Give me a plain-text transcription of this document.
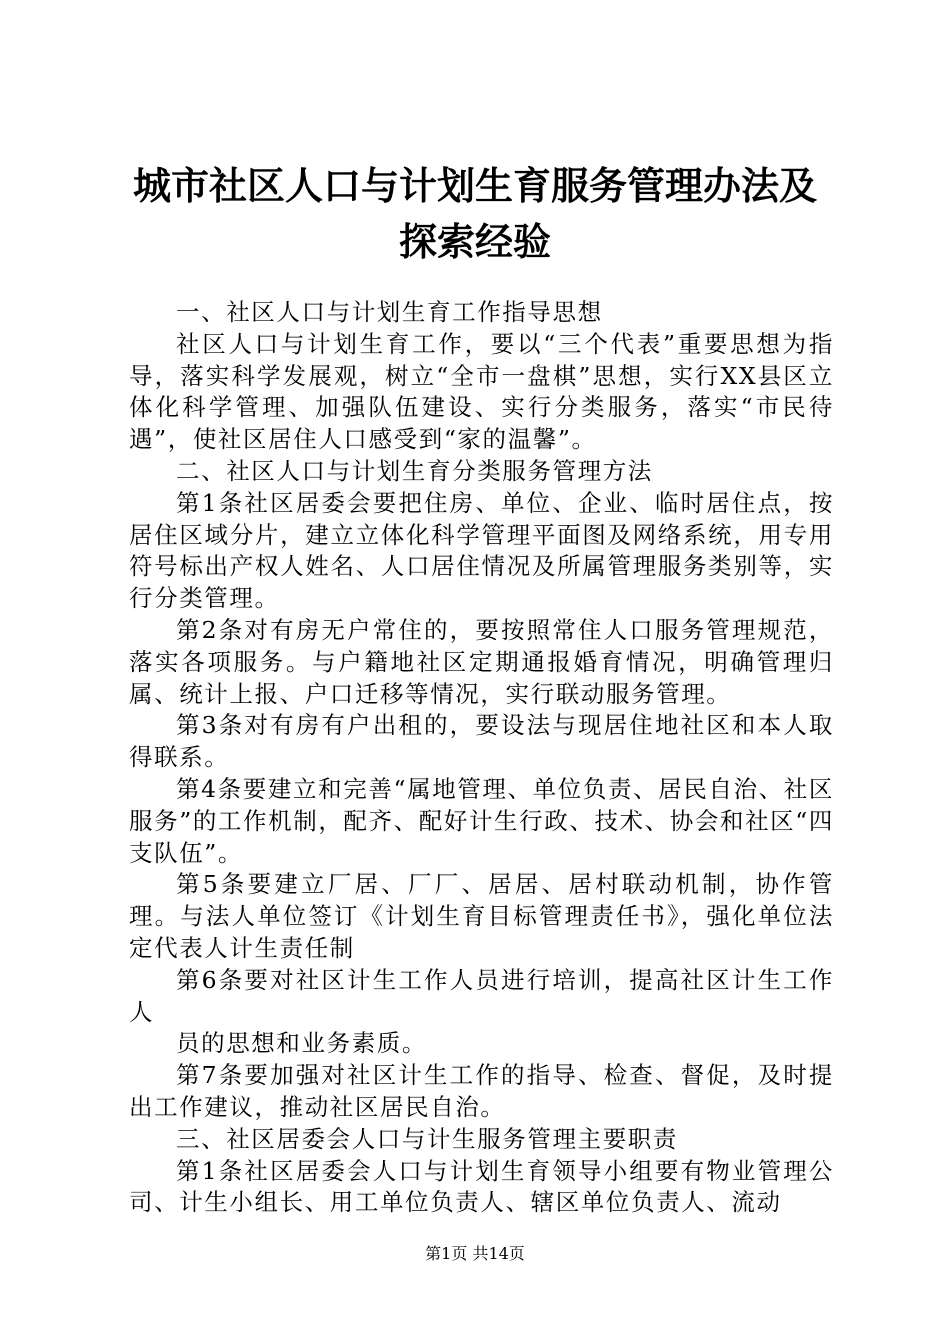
城市社区人口与计划生育服务管理办法及探索经验

一、社区人口与计划生育工作指导思想

社区人口与计划生育工作，要以“三个代表”重要思想为指导，落实科学发展观，树立“全市一盘棋”思想，实行XX县区立体化科学管理、加强队伍建设、实行分类服务，落实“市民待遇”，使社区居住人口感受到“家的温馨”。

二、社区人口与计划生育分类服务管理方法

第1条社区居委会要把住房、单位、企业、临时居住点，按居住区域分片，建立立体化科学管理平面图及网络系统，用专用符号标出产权人姓名、人口居住情况及所属管理服务类别等，实行分类管理。

第2条对有房无户常住的，要按照常住人口服务管理规范，落实各项服务。与户籍地社区定期通报婚育情况，明确管理归属、统计上报、户口迁移等情况，实行联动服务管理。

第3条对有房有户出租的，要设法与现居住地社区和本人取得联系。

第4条要建立和完善“属地管理、单位负责、居民自治、社区服务”的工作机制，配齐、配好计生行政、技术、协会和社区“四支队伍”。

第5条要建立厂居、厂厂、居居、居村联动机制，协作管理。与法人单位签订《计划生育目标管理责任书》，强化单位法定代表人计生责任制

第6条要对社区计生工作人员进行培训，提高社区计生工作人

员的思想和业务素质。

第7条要加强对社区计生工作的指导、检查、督促，及时提出工作建议，推动社区居民自治。

三、社区居委会人口与计生服务管理主要职责

第1条社区居委会人口与计划生育领导小组要有物业管理公司、计生小组长、用工单位负责人、辖区单位负责人、流动

第1页 共14页
